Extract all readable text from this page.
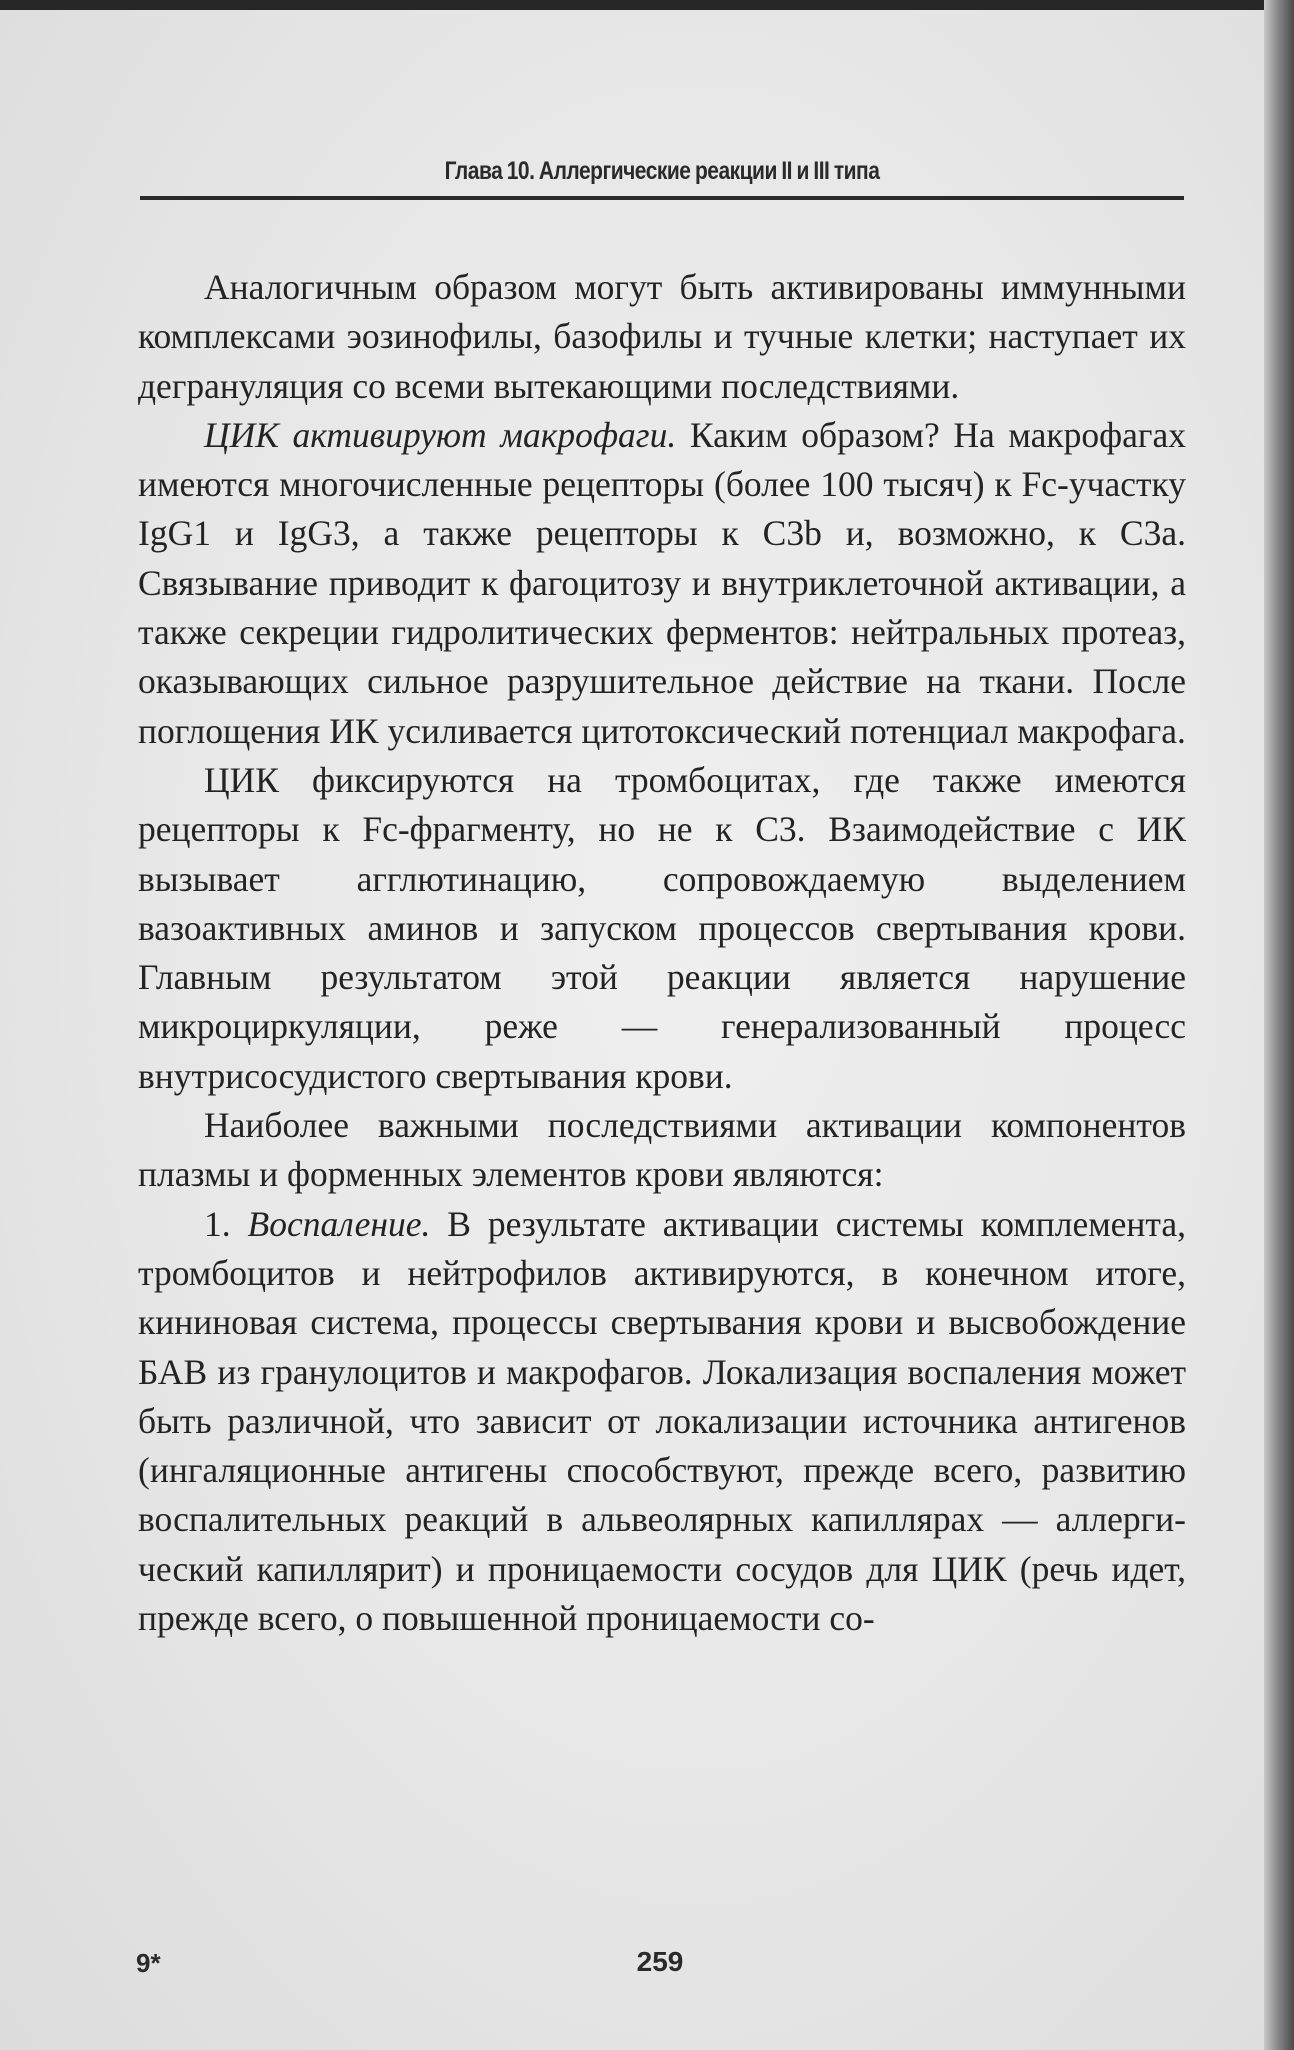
Глава 10. Аллергические реакции II и III типа

Аналогичным образом могут быть активированы иммунными комплексами эозинофилы, базофилы и тучные клетки; наступает их дегрануляция со всеми вытекающими последствиями.

ЦИК активируют макрофаги. Каким образом? На макрофагах имеются многочисленные рецепторы (более 100 тысяч) к Fc-участку IgG1 и IgG3, а также рецепторы к C3b и, возможно, к C3a. Связывание приводит к фагоцитозу и внутриклеточной активации, а также секреции гидролитических ферментов: нейтральных протеаз, оказывающих сильное разрушительное действие на ткани. После поглощения ИК усиливается цитотоксический потенциал макрофага.

ЦИК фиксируются на тромбоцитах, где также имеются рецепторы к Fc-фрагменту, но не к C3. Взаимодействие с ИК вызывает агглютинацию, сопровождаемую выделением вазоактивных аминов и запуском процессов свертывания крови. Главным результатом этой реакции является нарушение микроциркуляции, реже — генерализованный процесс внутрисосудистого свертывания крови.

Наиболее важными последствиями активации компонентов плазмы и форменных элементов крови являются:

1. Воспаление. В результате активации системы комплемента, тромбоцитов и нейтрофилов активируются, в конечном итоге, кининовая система, процессы свертывания крови и высвобождение БАВ из гранулоцитов и макрофагов. Локализация воспаления может быть различной, что зависит от локализации источника антигенов (ингаляционные антигены способствуют, прежде всего, развитию воспалительных реакций в альвеолярных капиллярах — аллергический капиллярит) и проницаемости сосудов для ЦИК (речь идет, прежде всего, о повышенной проницаемости со-

9*	259
